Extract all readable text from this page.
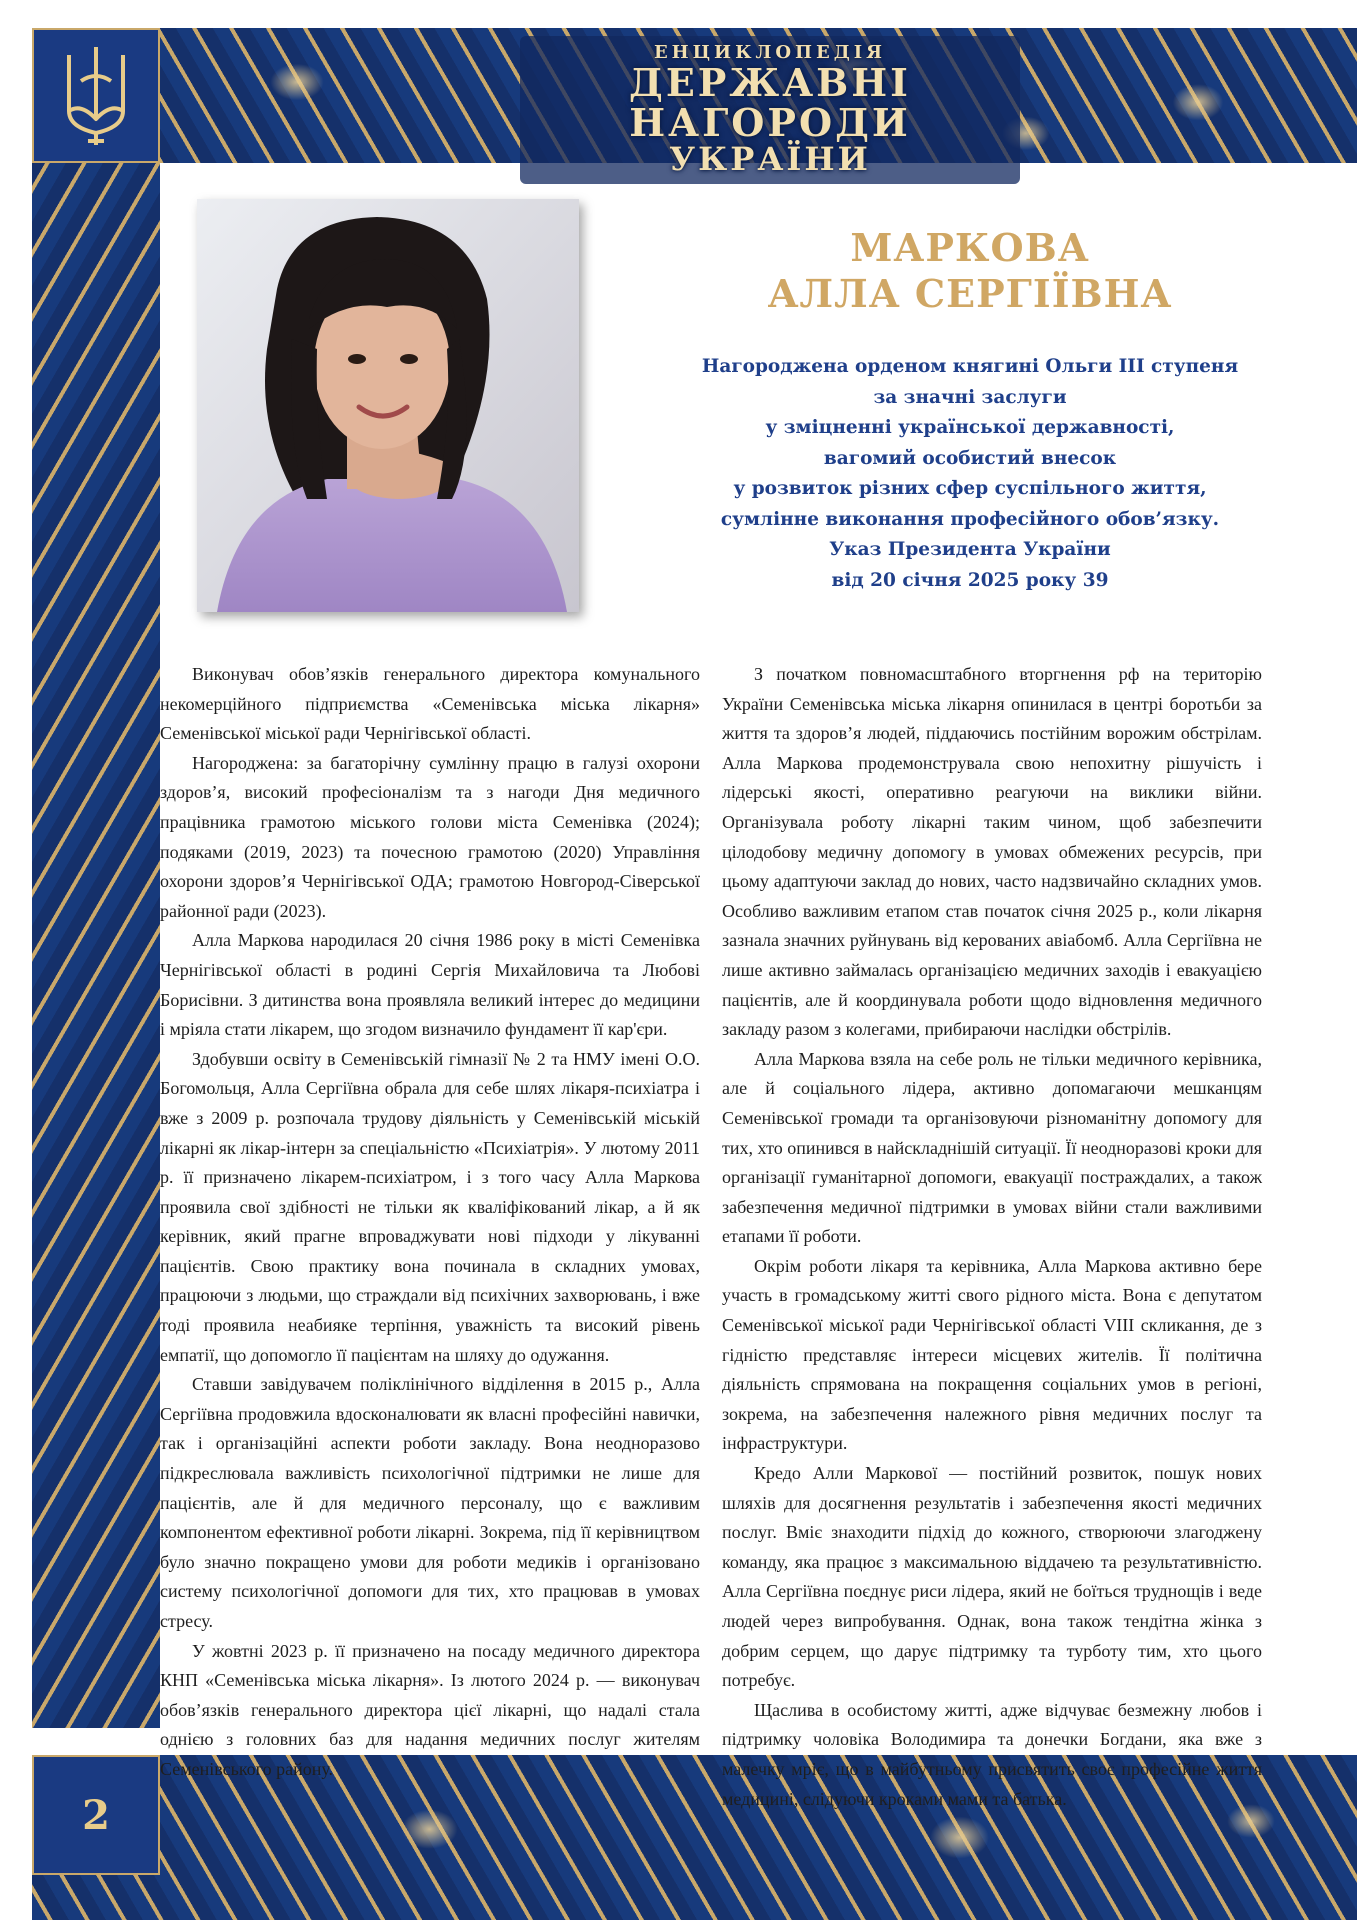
ЕНЦИКЛОПЕДІЯ
ДЕРЖАВНІ НАГОРОДИ
УКРАЇНИ
2
МАРКОВА
АЛЛА СЕРГІЇВНА
Нагороджена орденом княгині Ольги ІІІ ступеня
за значні заслуги
у зміцненні української державності,
вагомий особистий внесок
у розвиток різних сфер суспільного життя,
сумлінне виконання професійного обов’язку.
Указ Президента України
від 20 січня 2025 року 39

Виконувач обов’язків генерального директора комунального некомерційного підприємства «Семенівська міська лікарня» Семенівської міської ради Чернігівської області.

Нагороджена: за багаторічну сумлінну працю в галузі охорони здоров’я, високий професіоналізм та з нагоди Дня медичного працівника грамотою міського голови міста Семенівка (2024); подяками (2019, 2023) та почесною грамотою (2020) Управління охорони здоров’я Чернігівської ОДА; грамотою Новгород-Сіверської районної ради (2023).

Алла Маркова народилася 20 січня 1986 року в місті Семенівка Чернігівської області в родині Сергія Михайловича та Любові Борисівни. З дитинства вона проявляла великий інтерес до медицини і мріяла стати лікарем, що згодом визначило фундамент її кар'єри.

Здобувши освіту в Семенівській гімназії № 2 та НМУ імені О.О. Богомольця, Алла Сергіївна обрала для себе шлях лікаря-психіатра і вже з 2009 р. розпочала трудову діяльність у Семенівській міській лікарні як лікар-інтерн за спеціальністю «Психіатрія». У лютому 2011 р. її призначено лікарем-психіатром, і з того часу Алла Маркова проявила свої здібності не тільки як кваліфікований лікар, а й як керівник, який прагне впроваджувати нові підходи у лікуванні пацієнтів. Свою практику вона починала в складних умовах, працюючи з людьми, що страждали від психічних захворювань, і вже тоді проявила неабияке терпіння, уважність та високий рівень емпатії, що допомогло її пацієнтам на шляху до одужання.

Ставши завідувачем поліклінічного відділення в 2015 р., Алла Сергіївна продовжила вдосконалювати як власні професійні навички, так і організаційні аспекти роботи закладу. Вона неодноразово підкреслювала важливість психологічної підтримки не лише для пацієнтів, але й для медичного персоналу, що є важливим компонентом ефективної роботи лікарні. Зокрема, під її керівництвом було значно покращено умови для роботи медиків і організовано систему психологічної допомоги для тих, хто працював в умовах стресу.

У жовтні 2023 р. її призначено на посаду медичного директора КНП «Семенівська міська лікарня». Із лютого 2024 р. — виконувач обов’язків генерального директора цієї лікарні, що надалі стала однією з головних баз для надання медичних послуг жителям Семенівського району.

З початком повномасштабного вторгнення рф на територію України Семенівська міська лікарня опинилася в центрі боротьби за життя та здоров’я людей, піддаючись постійним ворожим обстрілам. Алла Маркова продемонструвала свою непохитну рішучість і лідерські якості, оперативно реагуючи на виклики війни. Організувала роботу лікарні таким чином, щоб забезпечити цілодобову медичну допомогу в умовах обмежених ресурсів, при цьому адаптуючи заклад до нових, часто надзвичайно складних умов. Особливо важливим етапом став початок січня 2025 р., коли лікарня зазнала значних руйнувань від керованих авіабомб. Алла Сергіївна не лише активно займалась організацією медичних заходів і евакуацією пацієнтів, але й координувала роботи щодо відновлення медичного закладу разом з колегами, прибираючи наслідки обстрілів.

Алла Маркова взяла на себе роль не тільки медичного керівника, але й соціального лідера, активно допомагаючи мешканцям Семенівської громади та організовуючи різноманітну допомогу для тих, хто опинився в найскладнішій ситуації. Її неодноразові кроки для організації гуманітарної допомоги, евакуації постраждалих, а також забезпечення медичної підтримки в умовах війни стали важливими етапами її роботи.

Окрім роботи лікаря та керівника, Алла Маркова активно бере участь в громадському житті свого рідного міста. Вона є депутатом Семенівської міської ради Чернігівської області VIII скликання, де з гідністю представляє інтереси місцевих жителів. Її політична діяльність спрямована на покращення соціальних умов в регіоні, зокрема, на забезпечення належного рівня медичних послуг та інфраструктури.

Кредо Алли Маркової — постійний розвиток, пошук нових шляхів для досягнення результатів і забезпечення якості медичних послуг. Вміє знаходити підхід до кожного, створюючи злагоджену команду, яка працює з максимальною віддачею та результативністю. Алла Сергіївна поєднує риси лідера, який не боїться труднощів і веде людей через випробування. Однак, вона також тендітна жінка з добрим серцем, що дарує підтримку та турботу тим, хто цього потребує.

Щаслива в особистому житті, адже відчуває безмежну любов і підтримку чоловіка Володимира та донечки Богдани, яка вже з малечку мріє, що в майбутньому присвятить своє професійне життя медицині, слідуючи кроками мами та батька.
